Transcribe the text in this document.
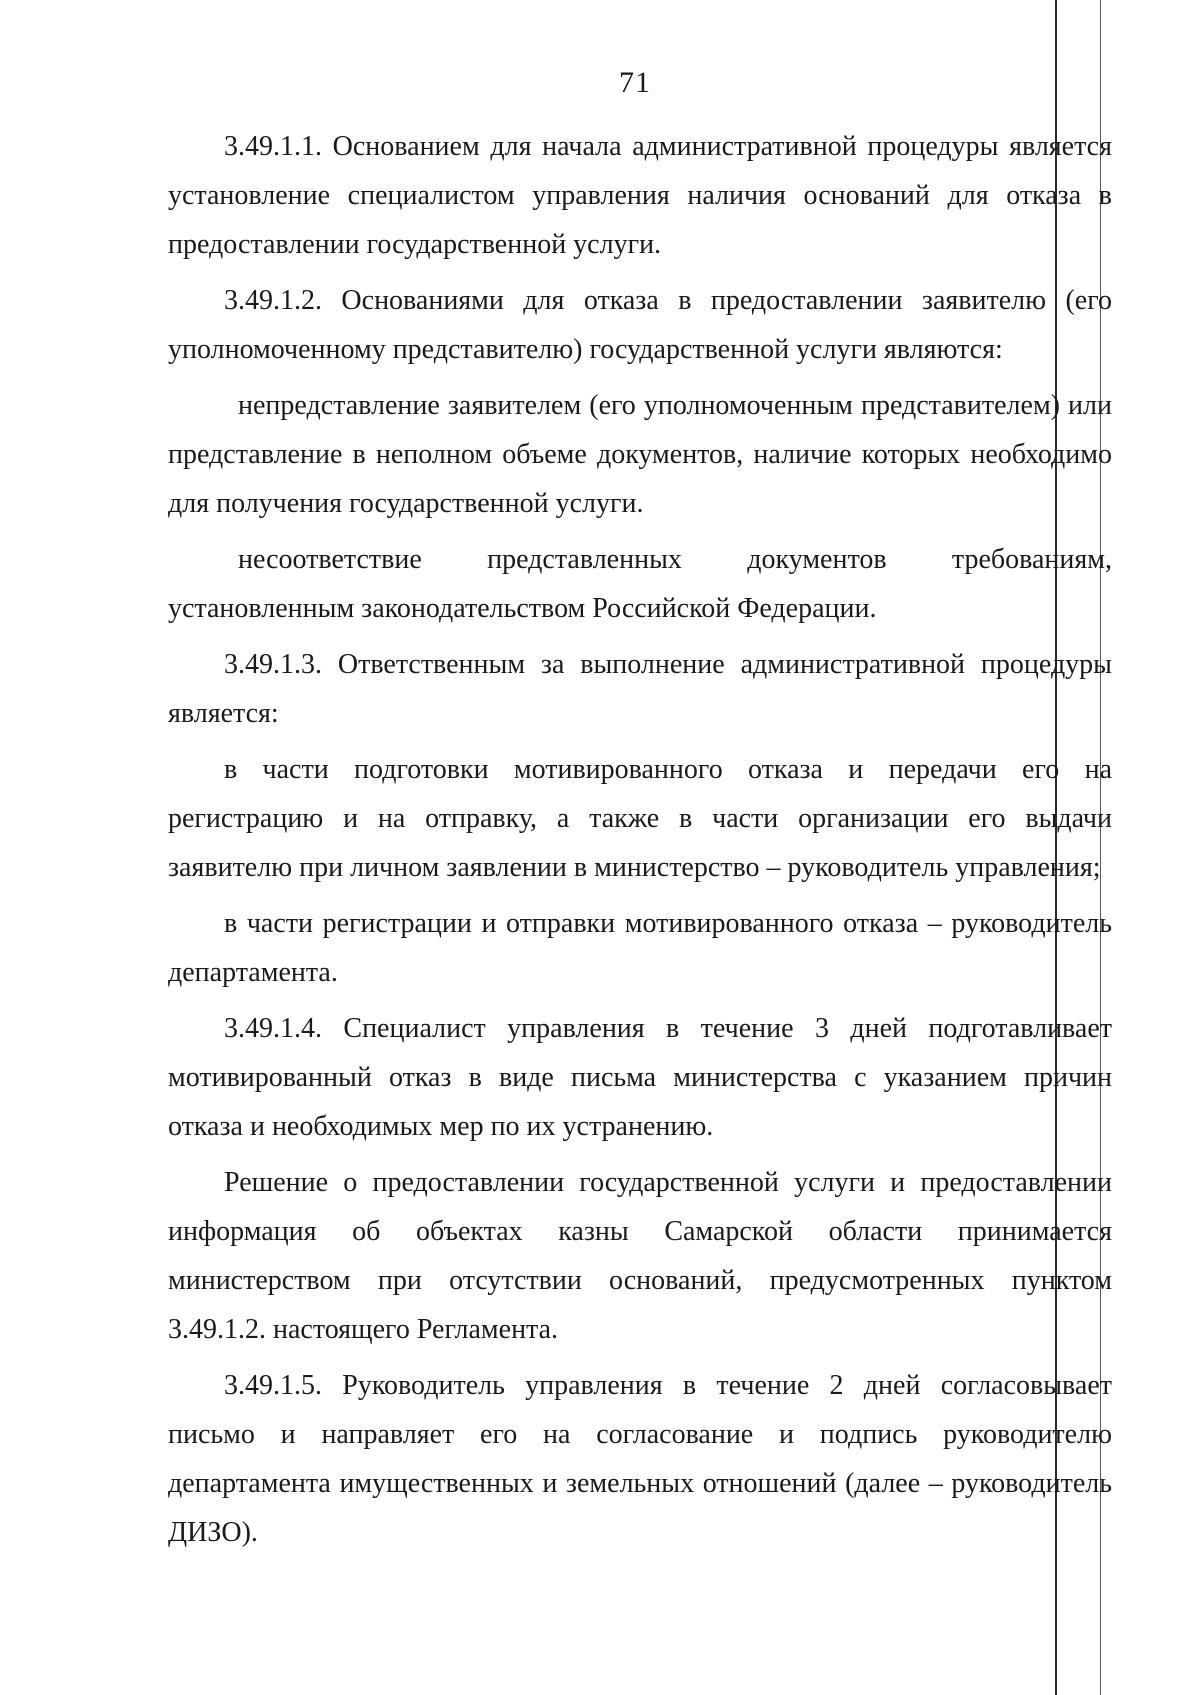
71

3.49.1.1. Основанием для начала административной процедуры является установление специалистом управления наличия оснований для отказа в предоставлении государственной услуги.

3.49.1.2. Основаниями для отказа в предоставлении заявителю (его уполномоченному представителю) государственной услуги являются:

непредставление заявителем (его уполномоченным представителем) или представление в неполном объеме документов, наличие которых необходимо для получения государственной услуги.

несоответствие представленных документов требованиям, установленным законодательством Российской Федерации.

3.49.1.3. Ответственным за выполнение административной процедуры является:

в части подготовки мотивированного отказа и передачи его на регистрацию и на отправку, а также в части организации его выдачи заявителю при личном заявлении в министерство – руководитель управления;

в части регистрации и отправки мотивированного отказа – руководитель департамента.

3.49.1.4. Специалист управления в течение 3 дней подготавливает мотивированный отказ в виде письма министерства с указанием причин отказа и необходимых мер по их устранению.

Решение о предоставлении государственной услуги и предоставлении информация об объектах казны Самарской области принимается министерством при отсутствии оснований, предусмотренных пунктом 3.49.1.2. настоящего Регламента.

3.49.1.5. Руководитель управления в течение 2 дней согласовывает письмо и направляет его на согласование и подпись руководителю департамента имущественных и земельных отношений (далее – руководитель ДИЗО).
